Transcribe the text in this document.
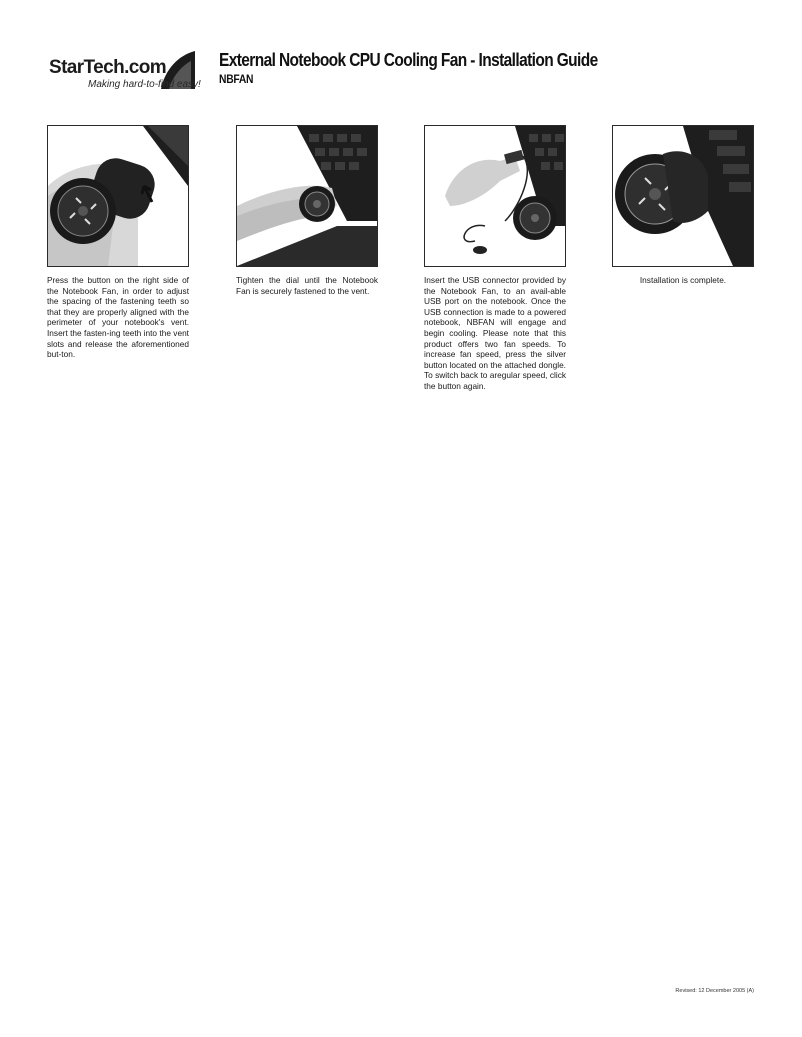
StarTech.com
Making hard-to-find easy!
External Notebook CPU Cooling Fan - Installation Guide
NBFAN
Press the button on the right side of the Notebook Fan, in order to adjust the spacing of the fastening teeth so that they are properly aligned with the perimeter of your notebook's vent. Insert the fasten-ing teeth into the vent slots and release the aforementioned but-ton.
Tighten the dial until the Notebook Fan is securely fastened to the vent.
Insert the USB connector provided by the Notebook Fan, to an avail-able USB port on the notebook. Once the USB connection is made to a powered notebook, NBFAN will engage and begin cooling. Please note that this product offers two fan speeds. To increase fan speed, press the silver button located on the attached dongle. To switch back to aregular speed, click the button again.
Installation is complete.
Revised: 12 December 2005 (A)
